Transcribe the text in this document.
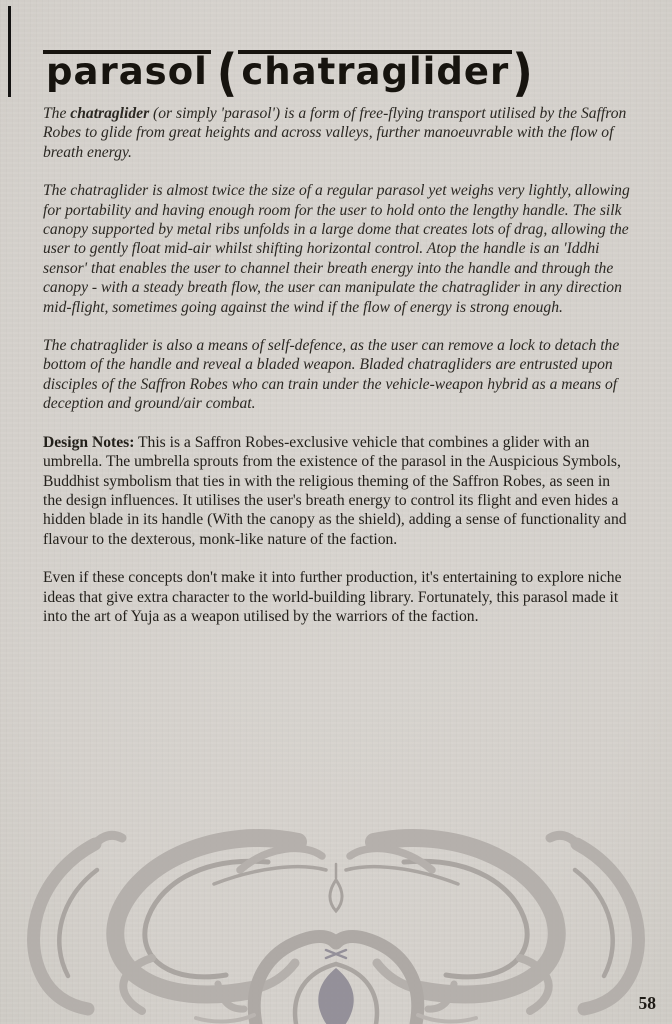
parasol (chatraglider)

The chatraglider (or simply 'parasol') is a form of free-flying transport utilised by the Saffron Robes to glide from great heights and across valleys, further manoeuvrable with the flow of breath energy.

The chatraglider is almost twice the size of a regular parasol yet weighs very lightly, allowing for portability and having enough room for the user to hold onto the lengthy handle. The silk canopy supported by metal ribs unfolds in a large dome that creates lots of drag, allowing the user to gently float mid-air whilst shifting horizontal control. Atop the handle is an 'Iddhi sensor' that enables the user to channel their breath energy into the handle and through the canopy - with a steady breath flow, the user can manipulate the chatraglider in any direction mid-flight, sometimes going against the wind if the flow of energy is strong enough.

The chatraglider is also a means of self-defence, as the user can remove a lock to detach the bottom of the handle and reveal a bladed weapon. Bladed chatragliders are entrusted upon disciples of the Saffron Robes who can train under the vehicle-weapon hybrid as a means of deception and ground/air combat.

Design Notes: This is a Saffron Robes-exclusive vehicle that combines a glider with an umbrella. The umbrella sprouts from the existence of the parasol in the Auspicious Symbols, Buddhist symbolism that ties in with the religious theming of the Saffron Robes, as seen in the design influences. It utilises the user's breath energy to control its flight and even hides a hidden blade in its handle (With the canopy as the shield), adding a sense of functionality and flavour to the dexterous, monk-like nature of the faction.

Even if these concepts don't make it into further production, it's entertaining to explore niche ideas that give extra character to the world-building library. Fortunately, this parasol made it into the art of Yuja as a weapon utilised by the warriors of the faction.

58
